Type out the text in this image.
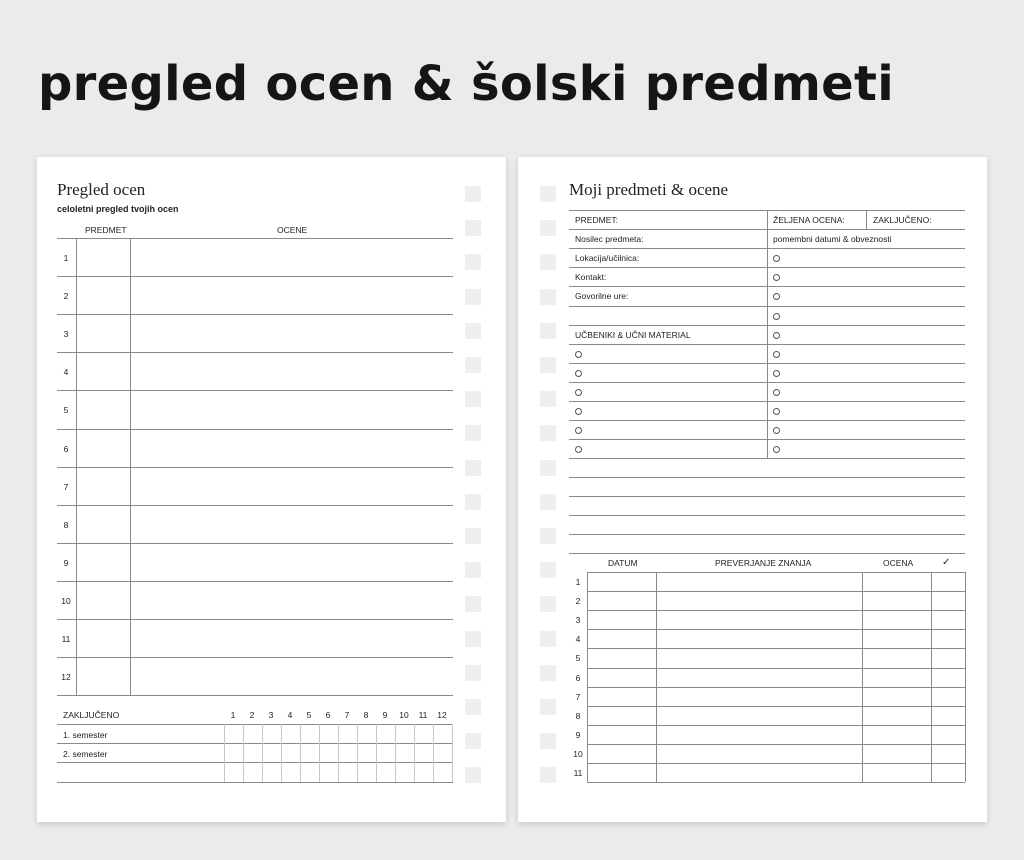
pregled ocen & šolski predmeti
Pregled ocen
celoletni pregled tvojih ocen
PREDMET	OCENE
1
2
3
4
5
6
7
8
9
10
11
12
ZAKLJUČENO	1	2	3	4	5	6	7	8	9	10	11	12
1. semester
2. semester
Moji predmeti & ocene
PREDMET:	ŽELJENA OCENA:	ZAKLJUČENO:
Nosilec predmeta:	pomembni datumi & obveznosti
Lokacija/učilnica:
Kontakt:
Govorilne ure:
UČBENIKI & UČNI MATERIAL
DATUM	PREVERJANJE ZNANJA	OCENA	✓
1
2
3
4
5
6
7
8
9
10
11
